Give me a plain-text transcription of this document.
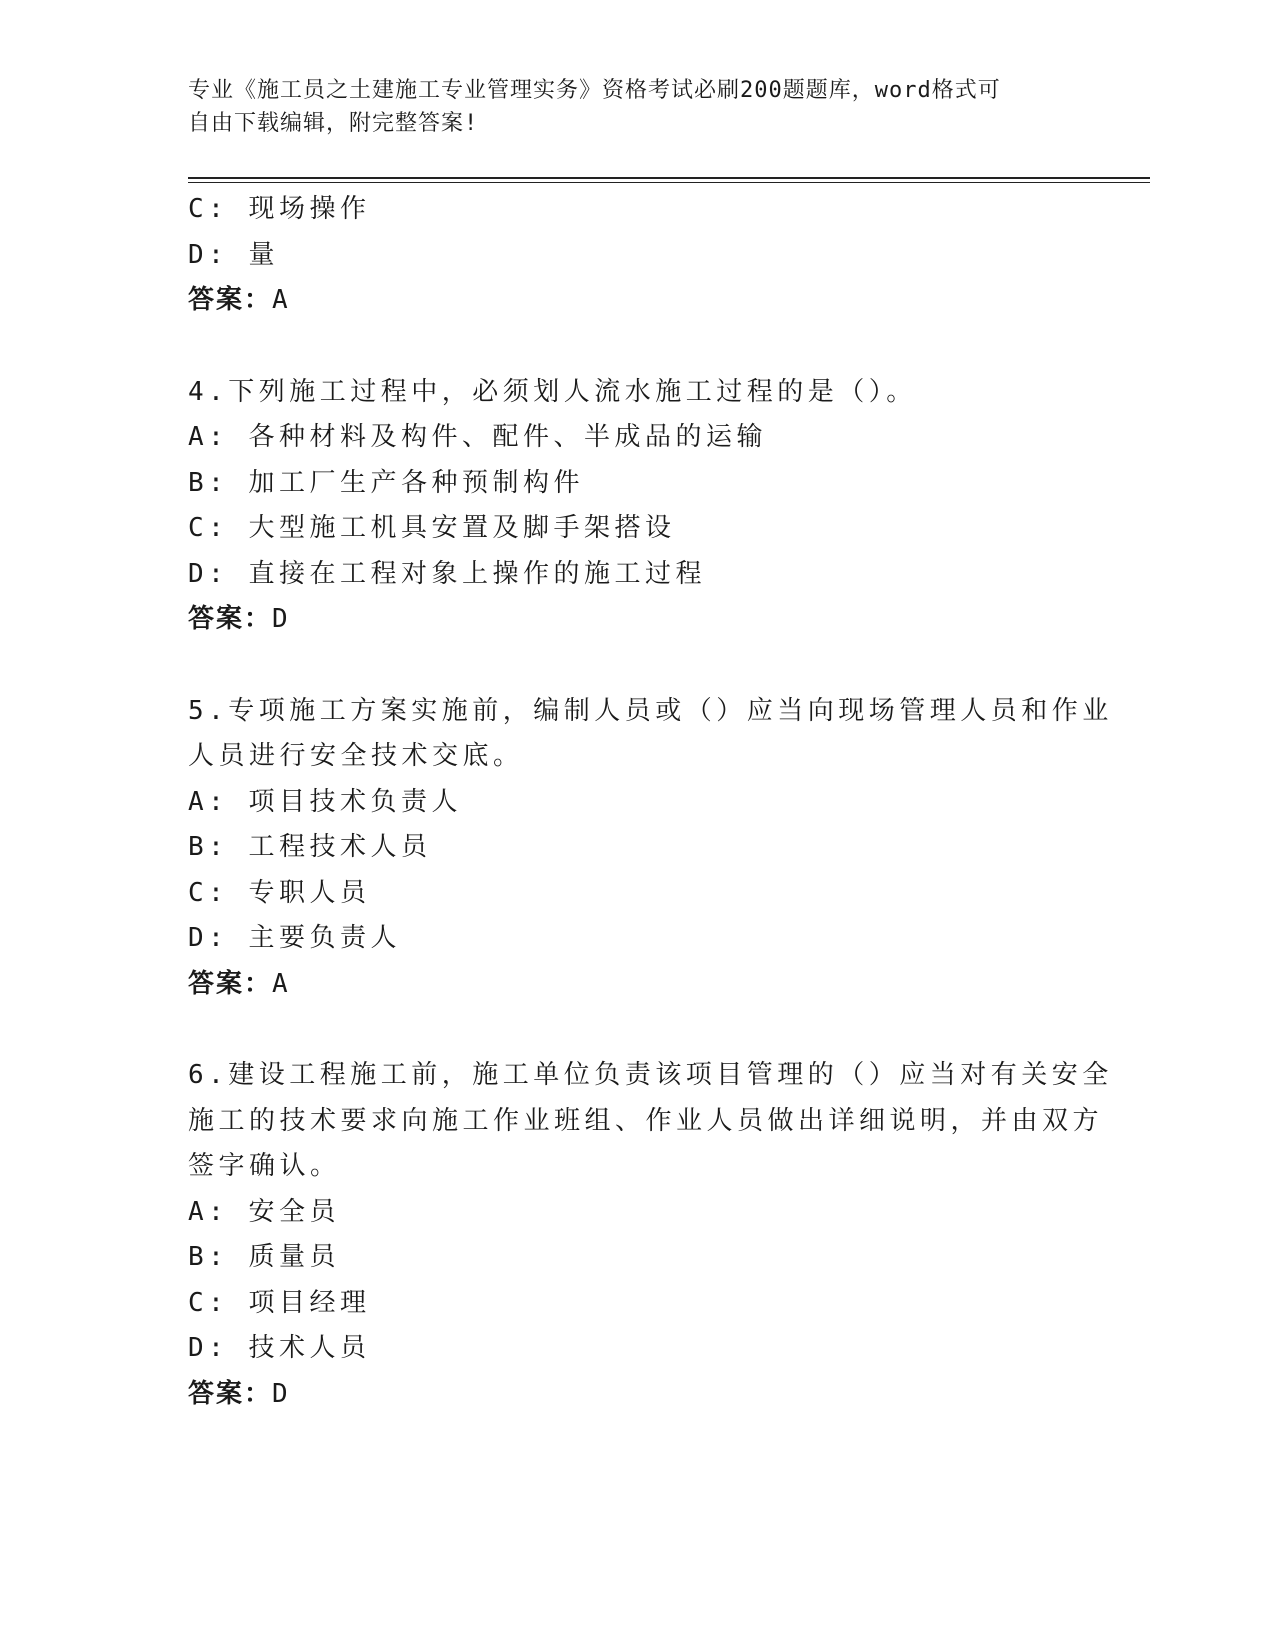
专业《施工员之土建施工专业管理实务》资格考试必刷200题题库，word格式可
自由下载编辑，附完整答案!
C: 现场操作
D: 量
答案：A
4.下列施工过程中，必须划人流水施工过程的是（）。
A: 各种材料及构件、配件、半成品的运输
B: 加工厂生产各种预制构件
C: 大型施工机具安置及脚手架搭设
D: 直接在工程对象上操作的施工过程
答案：D
5.专项施工方案实施前，编制人员或（）应当向现场管理人员和作业
人员进行安全技术交底。
A: 项目技术负责人
B: 工程技术人员
C: 专职人员
D: 主要负责人
答案：A
6.建设工程施工前，施工单位负责该项目管理的（）应当对有关安全
施工的技术要求向施工作业班组、作业人员做出详细说明，并由双方
签字确认。
A: 安全员
B: 质量员
C: 项目经理
D: 技术人员
答案：D
